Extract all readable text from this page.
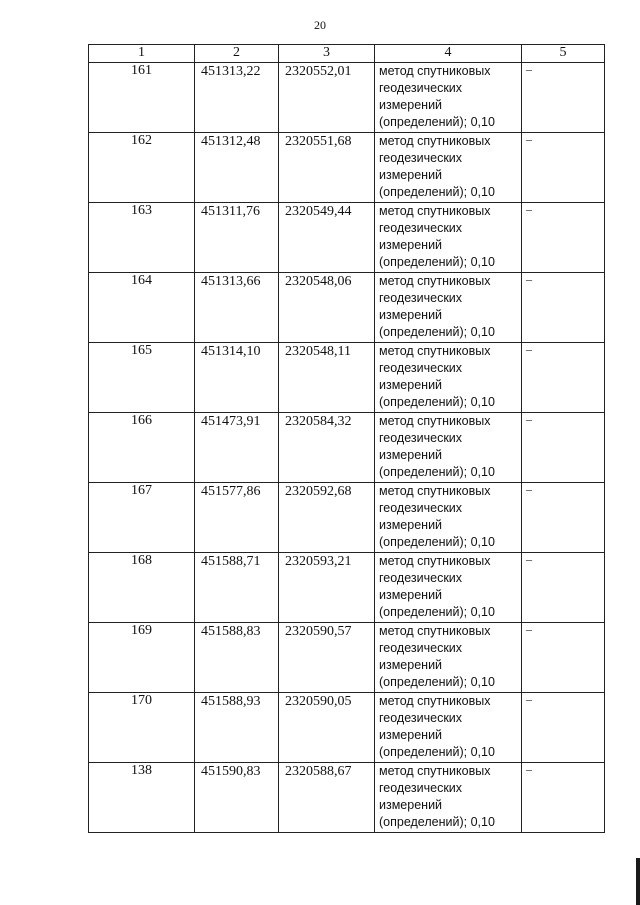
20
1	2	3	4	5
161	451313,22	2320552,01	метод спутниковых
геодезических
измерений
(определений); 0,10	–
162	451312,48	2320551,68	метод спутниковых
геодезических
измерений
(определений); 0,10	–
163	451311,76	2320549,44	метод спутниковых
геодезических
измерений
(определений); 0,10	–
164	451313,66	2320548,06	метод спутниковых
геодезических
измерений
(определений); 0,10	–
165	451314,10	2320548,11	метод спутниковых
геодезических
измерений
(определений); 0,10	–
166	451473,91	2320584,32	метод спутниковых
геодезических
измерений
(определений); 0,10	–
167	451577,86	2320592,68	метод спутниковых
геодезических
измерений
(определений); 0,10	–
168	451588,71	2320593,21	метод спутниковых
геодезических
измерений
(определений); 0,10	–
169	451588,83	2320590,57	метод спутниковых
геодезических
измерений
(определений); 0,10	–
170	451588,93	2320590,05	метод спутниковых
геодезических
измерений
(определений); 0,10	–
138	451590,83	2320588,67	метод спутниковых
геодезических
измерений
(определений); 0,10	–
